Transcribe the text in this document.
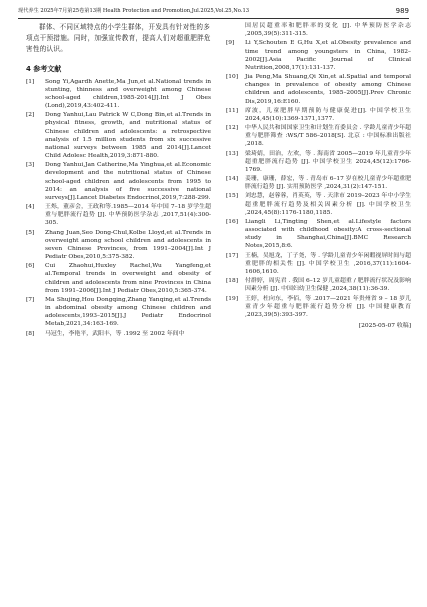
现代养生 2025年7月第25卷第13期 Health Protection and Promotion,Jul.2025,Vol.25,No.13	989

群体、不同区域特点的小学生群体，开发具有针对性的多项点干预措施。同时，加强宣传教育，提高人们对超重肥胖危害性的认识。

4 参考文献
[1]	Song Yi,Agardh Anette,Ma Jun,et al.National trends in stunting, thinness and overweight among Chinese school-aged children,1985-2014[J].Int J Obes (Lond),2019,43:402-411.
[2]	Dong Yanhui,Lau Patrick W C,Dong Bin,et al.Trends in physical fitness, growth, and nutritional status of Chinese children and adolescents: a retrospective analysis of 1.5 million students from six successive national surveys between 1985 and 2014[J].Lancet Child Adolesc Health,2019,3:871-880.
[3]	Dong Yanhui,Jan Catherine,Ma Yinghua,et al.Economic development and the nutritional status of Chinese school-aged children and adolescents from 1995 to 2014: an analysis of five successive national surveys[J].Lancet Diabetes Endocrinol,2019,7:288-299.
[4]	王烁，董彦会，王政和等.1985—2014 年中国 7–18 岁学生超重与肥胖流行趋势 [J]. 中华预防医学杂志 ,2017,51(4):300-305.
[5]	Zhang Juan,Seo Dong-Chul,Kolbe Lloyd,et al.Trends in overweight among school children and adolescents in seven Chinese Provinces, from 1991–2004[J].Int J Pediatr Obes,2010,5:375-382.
[6]	Cui Zhaohui,Huxley Rachel,Wu Yangfeng,et al.Temporal trends in overweight and obesity of children and adolescents from nine Provinces in China from 1991–2006[J].Int J Pediatr Obes,2010,5:365-374.
[7]	Ma Shujing,Hou Dongqing,Zhang Yanqing,et al.Trends in abdominal obesity among Chinese children and adolescents,1993–2015[J].J Pediatr Endocrinol Metab,2021,34:163-169.
[8]	马冠生，李艳平，武阳丰，等 .1992 至 2002 年间中
国居民超重率和肥胖率的变化 [J]. 中华预防医学杂志 ,2005,39(5):311-315.
[9]	Li Y,Schouten E G,Hu X,et al.Obesity prevalence and time trend among youngsters in China, 1982–2002[J].Asia Pacific Journal of Clinical Nutrition,2008,17(1):131-137.
[10]	Jia Peng,Ma Shuang,Qi Xin,et al.Spatial and temporal changes in prevalence of obesity among Chinese children and adolescents, 1985–2005[J].Prev Chronic Dis,2019,16:E160.
[11]	席波，儿童肥胖早期预防与健康促进[J]. 中国学校卫生 2024,45(10):1369-1371,1377.
[12]	中华人民共和国国家卫生和计划生育委员会 . 学龄儿童青少年超重与肥胖筛查 :WS/T 586–2018[S]. 北京 : 中国标准出版社 ,2018.
[13]	梁琦婧，田治，左欢，等 . 海南省 2005—2019 年儿童青少年超重肥胖流行趋势 [J]. 中国学校卫生 2024,45(12):1766-1769.
[14]	姜珊，康珊，薛宏，等 . 青岛市 6–17 岁在校儿童青少年超重肥胖流行趋势 [J]. 实用预防医学 ,2024,31(2):147-151.
[15]	刘忠慧，赵蓉蓉，肖英英，等 . 天津市 2019–2023 年中小学生超重肥胖流行趋势及相关因素分析 [J]. 中国学校卫生 ,2024,45(8):1176-1180,1185.
[16]	Liangli Li,Tingting Shen,et al.Lifestyle factors associated with childhood obesity:A cross-sectional study in Shanghai,China[J].BMC Research Notes,2015,8:6.
[17]	王楠，吴旭龙，丁子尧，等 . 学龄儿童青少年闲暇视屏时间与超重肥胖的相关性 [J]. 中国学校卫生 ,2016,37(11):1604-1606,1610.
[18]	付群婷，周宪君 . 我国 6–12 岁儿童超重 / 肥胖流行状况及影响因素分析 [J]. 中国妇幼卫生保健 ,2024,38(11):36-39.
[19]	王婷，杜向东，李佰，等 .2017—2021 年贵州省 9 – 18 岁儿童青少年超重与肥胖流行趋势分析 [J]. 中国健康教育 ,2023,39(5):393-397.
[2025-05-07 收稿]
